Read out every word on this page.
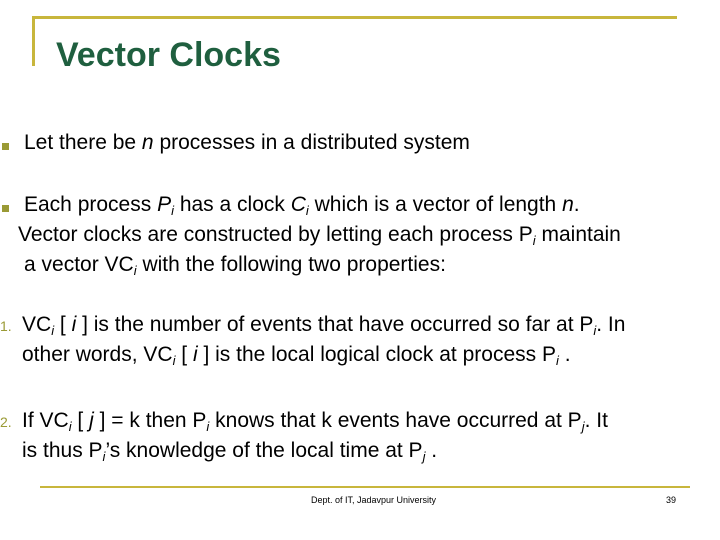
Vector Clocks
Let there be n processes in a distributed system
Each process $P_i$ has a clock $C_i$ which is a vector of length n.
Vector clocks are constructed by letting each process $P_i$ maintain
a vector $VC_i$ with the following two properties:
1. $VC_i$ [ i ] is the number of events that have occurred so far at $P_i$. In
other words, $VC_i$ [ i ] is the local logical clock at process $P_i$ .
2. If $VC_i$ [ j ] = k then $P_i$ knows that k events have occurred at $P_j$. It
is thus $P_i’s$ knowledge of the local time at $P_j$ .
Dept. of IT, Jadavpur University	39
